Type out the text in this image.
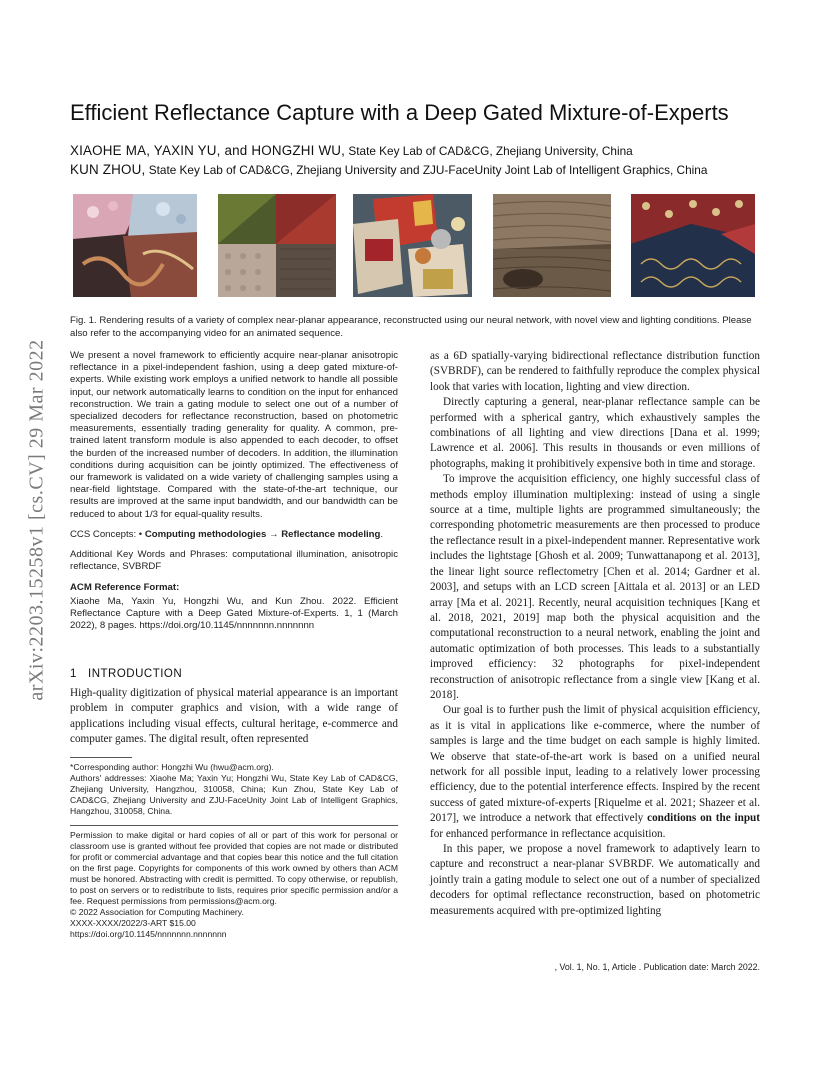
arXiv:2203.15258v1 [cs.CV] 29 Mar 2022
Efficient Reflectance Capture with a Deep Gated Mixture-of-Experts
XIAOHE MA, YAXIN YU, and HONGZHI WU, State Key Lab of CAD&CG, Zhejiang University, China
KUN ZHOU, State Key Lab of CAD&CG, Zhejiang University and ZJU-FaceUnity Joint Lab of Intelligent Graphics, China
Fig. 1. Rendering results of a variety of complex near-planar appearance, reconstructed using our neural network, with novel view and lighting conditions. Please also refer to the accompanying video for an animated sequence.

We present a novel framework to efficiently acquire near-planar anisotropic reflectance in a pixel-independent fashion, using a deep gated mixture-of-experts. While existing work employs a unified network to handle all possible input, our network automatically learns to condition on the input for enhanced reconstruction. We train a gating module to select one out of a number of specialized decoders for reflectance reconstruction, based on photometric measurements, essentially trading generality for quality. A common, pre-trained latent transform module is also appended to each decoder, to offset the burden of the increased number of decoders. In addition, the illumination conditions during acquisition can be jointly optimized. The effectiveness of our framework is validated on a wide variety of challenging samples using a near-field lightstage. Compared with the state-of-the-art technique, our results are improved at the same input bandwidth, and our bandwidth can be reduced to about 1/3 for equal-quality results.

CCS Concepts: • Computing methodologies → Reflectance modeling.

Additional Key Words and Phrases: computational illumination, anisotropic reflectance, SVBRDF

ACM Reference Format:

Xiaohe Ma, Yaxin Yu, Hongzhi Wu, and Kun Zhou. 2022. Efficient Reflectance Capture with a Deep Gated Mixture-of-Experts. 1, 1 (March 2022), 8 pages. https://doi.org/10.1145/nnnnnnn.nnnnnnn

1 INTRODUCTION
High-quality digitization of physical material appearance is an important problem in computer graphics and vision, with a wide range of applications including visual effects, cultural heritage, e-commerce and computer games. The digital result, often represented
*Corresponding author: Hongzhi Wu (hwu@acm.org).
Authors' addresses: Xiaohe Ma; Yaxin Yu; Hongzhi Wu, State Key Lab of CAD&CG, Zhejiang University, Hangzhou, 310058, China; Kun Zhou, State Key Lab of CAD&CG, Zhejiang University and ZJU-FaceUnity Joint Lab of Intelligent Graphics, Hangzhou, 310058, China.
Permission to make digital or hard copies of all or part of this work for personal or classroom use is granted without fee provided that copies are not made or distributed for profit or commercial advantage and that copies bear this notice and the full citation on the first page. Copyrights for components of this work owned by others than ACM must be honored. Abstracting with credit is permitted. To copy otherwise, or republish, to post on servers or to redistribute to lists, requires prior specific permission and/or a fee. Request permissions from permissions@acm.org.
© 2022 Association for Computing Machinery.
XXXX-XXXX/2022/3-ART $15.00
https://doi.org/10.1145/nnnnnnn.nnnnnnn

as a 6D spatially-varying bidirectional reflectance distribution function (SVBRDF), can be rendered to faithfully reproduce the complex physical look that varies with location, lighting and view direction.

Directly capturing a general, near-planar reflectance sample can be performed with a spherical gantry, which exhaustively samples the combinations of all lighting and view directions [Dana et al. 1999; Lawrence et al. 2006]. This results in thousands or even millions of photographs, making it prohibitively expensive both in time and storage.

To improve the acquisition efficiency, one highly successful class of methods employ illumination multiplexing: instead of using a single source at a time, multiple lights are programmed simultaneously; the corresponding photometric measurements are then processed to produce the reflectance result in a pixel-independent manner. Representative work includes the lightstage [Ghosh et al. 2009; Tunwattanapong et al. 2013], the linear light source reflectometry [Chen et al. 2014; Gardner et al. 2003], and setups with an LCD screen [Aittala et al. 2013] or an LED array [Ma et al. 2021]. Recently, neural acquisition techniques [Kang et al. 2018, 2021, 2019] map both the physical acquisition and the computational reconstruction to a neural network, enabling the joint and automatic optimization of both processes. This leads to a substantially improved efficiency: 32 photographs for pixel-independent reconstruction of anisotropic reflectance from a single view [Kang et al. 2018].

Our goal is to further push the limit of physical acquisition efficiency, as it is vital in applications like e-commerce, where the number of samples is large and the time budget on each sample is highly limited. We observe that state-of-the-art work is based on a unified neural network for all possible input, leading to a relatively lower processing efficiency, due to the potential interference effects. Inspired by the recent success of gated mixture-of-experts [Riquelme et al. 2021; Shazeer et al. 2017], we introduce a network that effectively conditions on the input for enhanced performance in reflectance acquisition.

In this paper, we propose a novel framework to adaptively learn to capture and reconstruct a near-planar SVBRDF. We automatically and jointly train a gating module to select one out of a number of specialized decoders for optimal reflectance reconstruction, based on photometric measurements acquired with pre-optimized lighting

, Vol. 1, No. 1, Article . Publication date: March 2022.
